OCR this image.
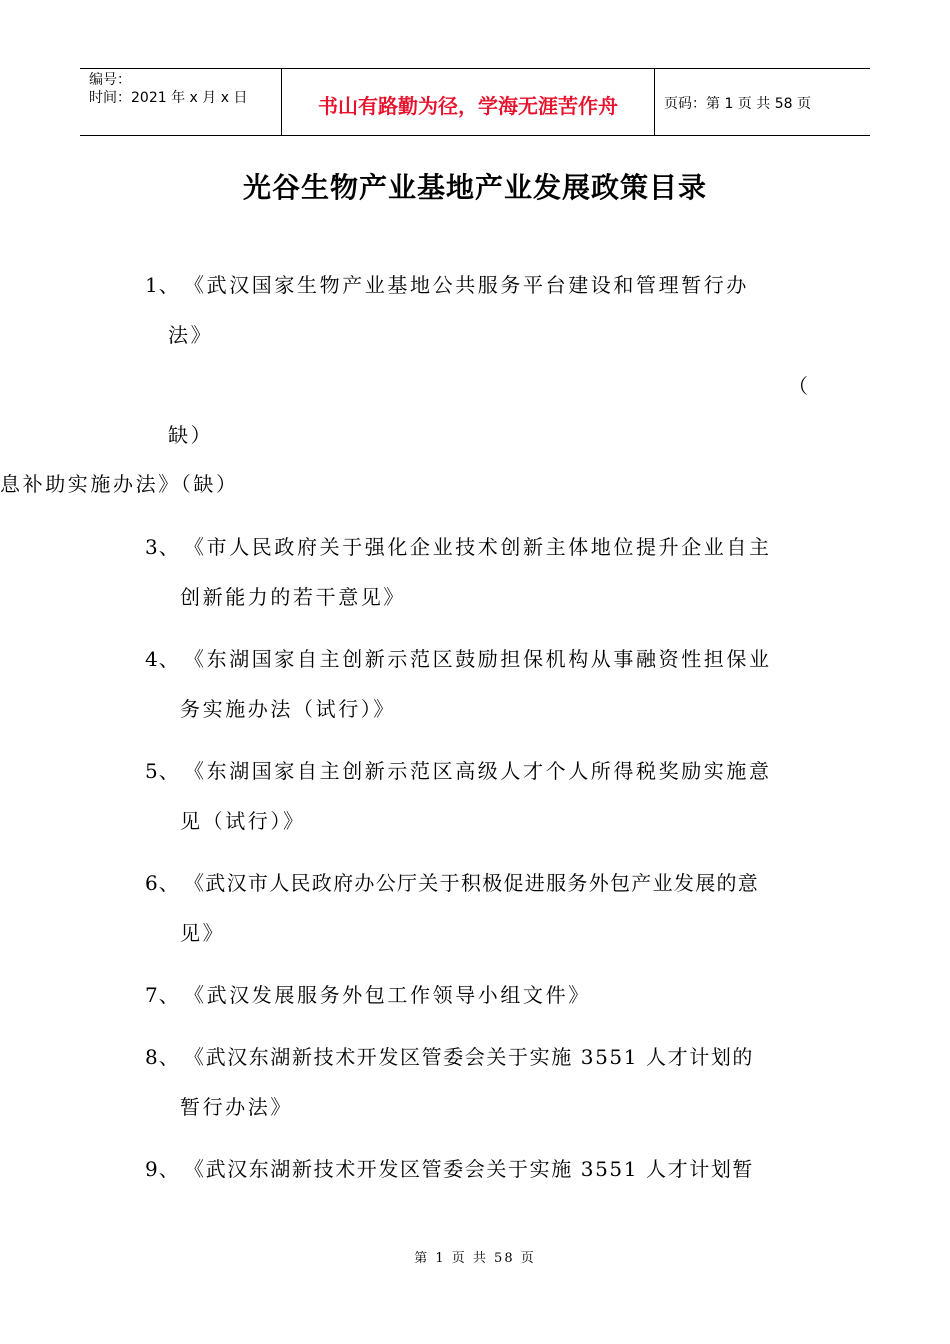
编号：
时间：2021 年 x 月 x 日	书山有路勤为径，学海无涯苦作舟	页码：第 1 页 共 58 页
光谷生物产业基地产业发展政策目录
1、 《武汉国家生物产业基地公共服务平台建设和管理暂行办
法》
（
缺）
息补助实施办法》（缺）
3、 《市人民政府关于强化企业技术创新主体地位提升企业自主
创新能力的若干意见》
4、 《东湖国家自主创新示范区鼓励担保机构从事融资性担保业
务实施办法（试行）》
5、 《东湖国家自主创新示范区高级人才个人所得税奖励实施意
见（试行）》
6、 《武汉市人民政府办公厅关于积极促进服务外包产业发展的意
见》
7、 《武汉发展服务外包工作领导小组文件》
8、 《武汉东湖新技术开发区管委会关于实施 3551 人才计划的
暂行办法》
9、 《武汉东湖新技术开发区管委会关于实施 3551 人才计划暂
第 1 页 共 58 页
